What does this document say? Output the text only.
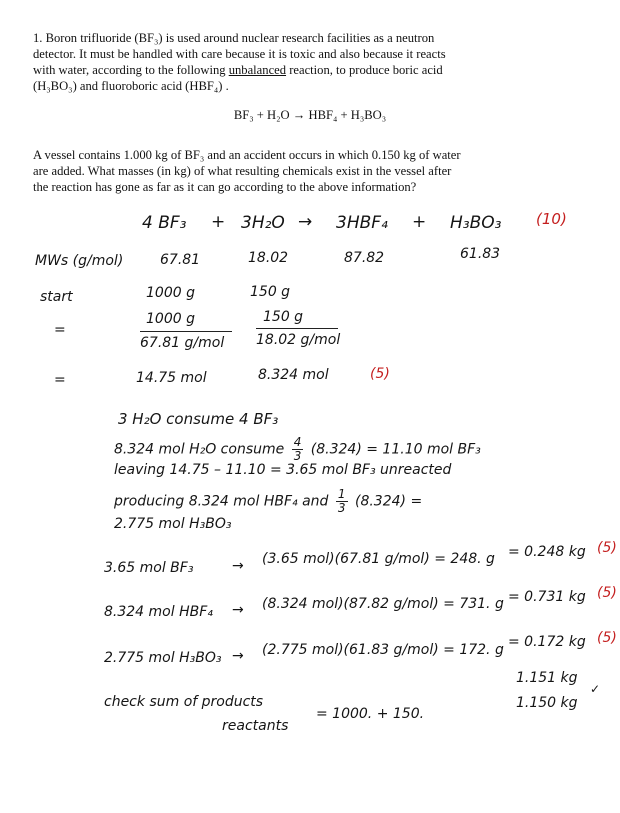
1. Boron trifluoride (BF₃) is used around nuclear research facilities as a neutron
detector. It must be handled with care because it is toxic and also because it reacts
with water, according to the following unbalanced reaction, to produce boric acid
(H₃BO₃) and fluoroboric acid (HBF₄) .
BF₃ + H₂O → HBF₄ + H₃BO₃
A vessel contains 1.000 kg of BF₃ and an accident occurs in which 0.150 kg of water
are added. What masses (in kg) of what resulting chemicals exist in the vessel after
the reaction has gone as far as it can go according to the above information?
4 BF₃ + 3H₂O → 3HBF₄ + H₃BO₃ (10)
MWs (g/mol)	67.81	18.02	87.82	61.83
start	1000 g	150 g
=
1000 g
67.81 g/mol
150 g
18.02 g/mol
=	14.75 mol	8.324 mol	(5)
3 H₂O consume 4 BF₃
8.324 mol H₂O consume $\frac{4}{3} (8.324) = 11.10$ mol BF₃
leaving 14.75 – 11.10 = 3.65 mol BF₃ unreacted
producing 8.324 mol HBF₄ and $\frac{1}{3} (8.324)$ =
2.775 mol H₃BO₃
3.65 mol BF₃	→ (3.65 mol)(67.81 g/mol) = 248. g = 0.248 kg (5)
8.324 mol HBF₄ → (8.324 mol)(87.82 g/mol) = 731. g = 0.731 kg (5)
2.775 mol H₃BO₃ → (2.775 mol)(61.83 g/mol) = 172. g = 0.172 kg (5)
check sum of products
reactants
= 1000. + 150.
1.151 kg
1.150 kg
✓
